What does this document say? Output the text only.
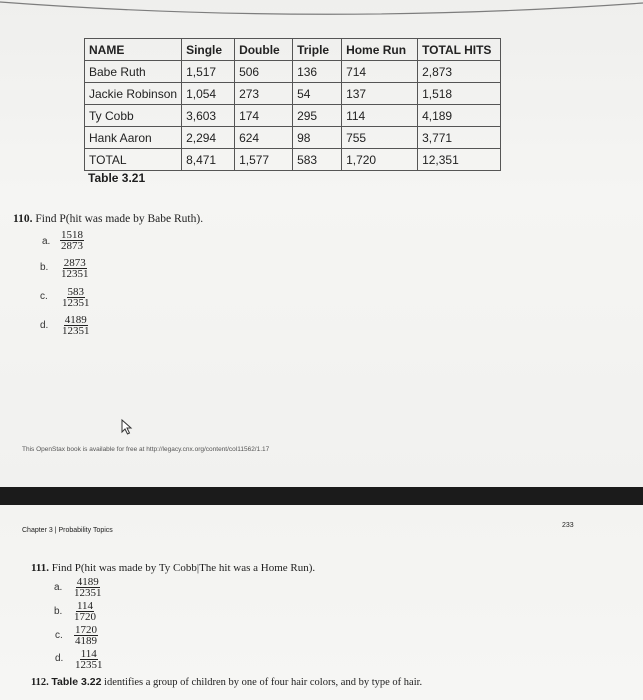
NAME	Single	Double	Triple	Home Run	TOTAL HITS
Babe Ruth	1,517	506	136	714	2,873
Jackie Robinson	1,054	273	54	137	1,518
Ty Cobb	3,603	174	295	114	4,189
Hank Aaron	2,294	624	98	755	3,771
TOTAL	8,471	1,577	583	1,720	12,351
Table 3.21
110. Find P(hit was made by Babe Ruth).
a. $\frac{1518}{2873}$
b. $\frac{2873}{12351}$
c. $\frac{583}{12351}$
d. $\frac{4189}{12351}$
This OpenStax book is available for free at http://legacy.cnx.org/content/col11562/1.17
Chapter 3 | Probability Topics
233
111. Find P(hit was made by Ty Cobb|The hit was a Home Run).
a. $\frac{4189}{12351}$
b. $\frac{114}{1720}$
c. $\frac{1720}{4189}$
d. $\frac{114}{12351}$
112. Table 3.22 identifies a group of children by one of four hair colors, and by type of hair.
